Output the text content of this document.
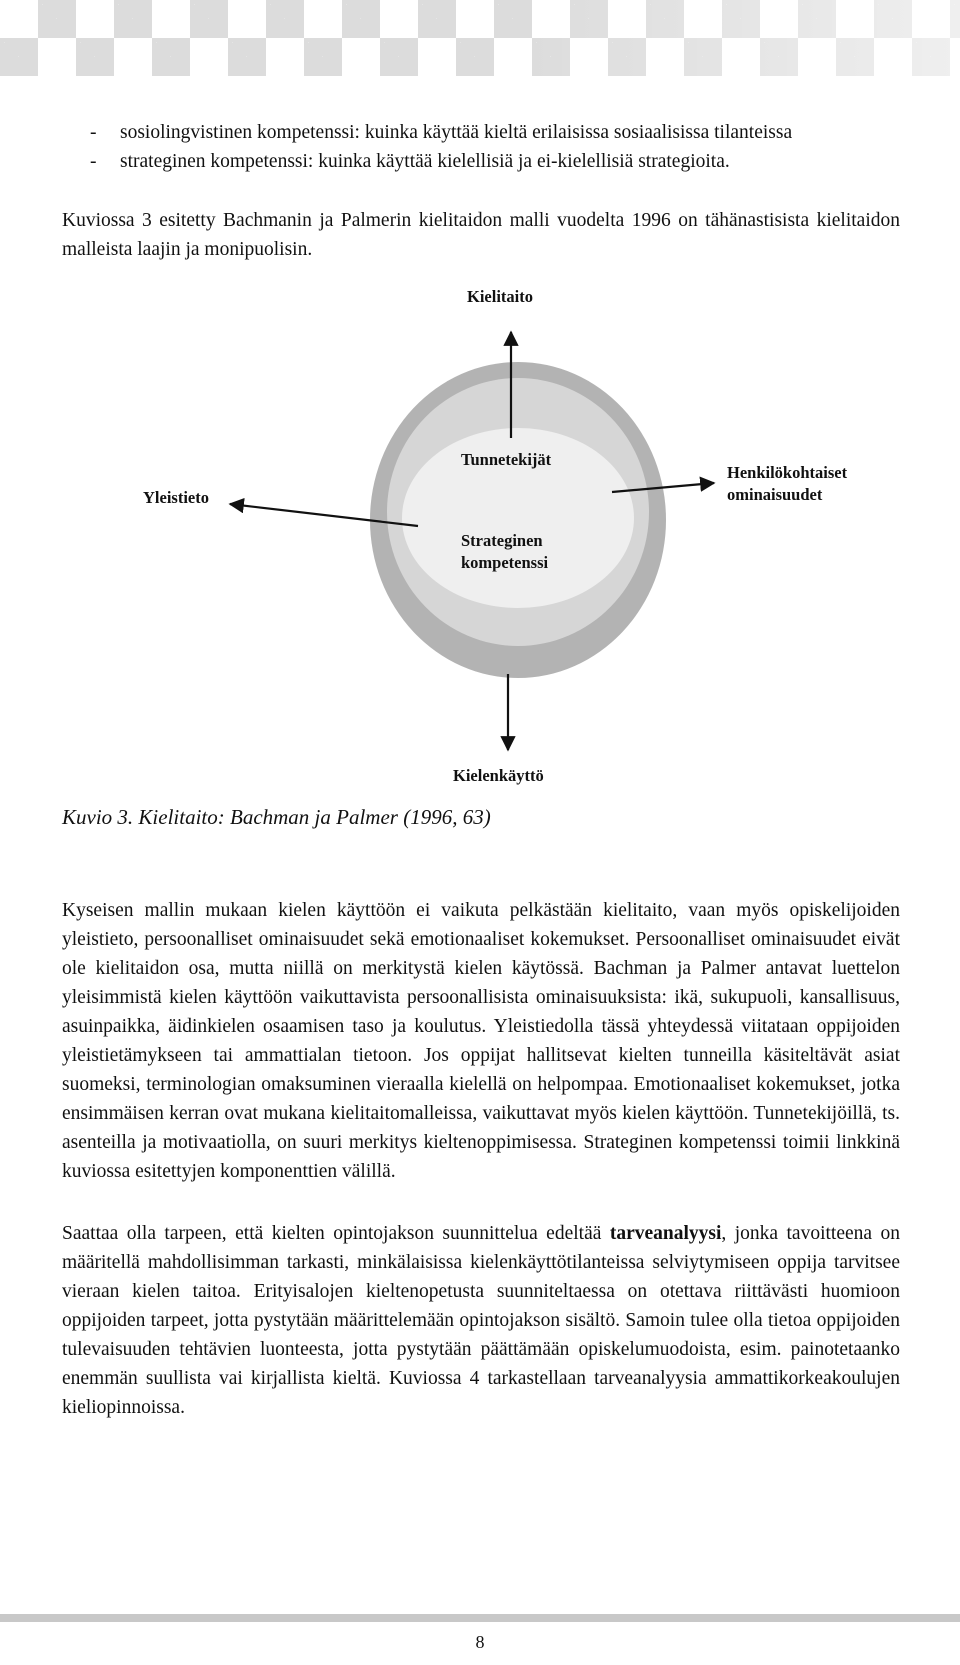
- sosiolingvistinen kompetenssi: kuinka käyttää kieltä erilaisissa sosiaalisissa tilanteissa
- strateginen kompetenssi: kuinka käyttää kielellisiä ja ei-kielellisiä strategioita.

Kuviossa 3 esitetty Bachmanin ja Palmerin kielitaidon malli vuodelta 1996 on tähänastisista kielitaidon malleista laajin ja monipuolisin.

Kielitaito
Yleistieto
Henkilökohtaiset
ominaisuudet
Tunnetekijät
Strateginen
kompetenssi
Kielenkäyttö
Kuvio 3. Kielitaito: Bachman ja Palmer (1996, 63)

Kyseisen mallin mukaan kielen käyttöön ei vaikuta pelkästään kielitaito, vaan myös opiskelijoiden yleistieto, persoonalliset ominaisuudet sekä emotionaaliset kokemukset. Persoonalliset ominaisuudet eivät ole kielitaidon osa, mutta niillä on merkitystä kielen käytössä. Bachman ja Palmer antavat luettelon yleisimmistä kielen käyttöön vaikuttavista persoonallisista ominaisuuksista: ikä, sukupuoli, kansallisuus, asuinpaikka, äidinkielen osaamisen taso ja koulutus. Yleistiedolla tässä yhteydessä viitataan oppijoiden yleistietämykseen tai ammattialan tietoon. Jos oppijat hallitsevat kielten tunneilla käsiteltävät asiat suomeksi, terminologian omaksuminen vieraalla kielellä on helpompaa. Emotionaaliset kokemukset, jotka ensimmäisen kerran ovat mukana kielitaitomalleissa, vaikuttavat myös kielen käyttöön. Tunnetekijöillä, ts. asenteilla ja motivaatiolla, on suuri merkitys kieltenoppimisessa. Strateginen kompetenssi toimii linkkinä kuviossa esitettyjen komponenttien välillä.

Saattaa olla tarpeen, että kielten opintojakson suunnittelua edeltää tarveanalyysi, jonka tavoitteena on määritellä mahdollisimman tarkasti, minkälaisissa kielenkäyttötilanteissa selviytymiseen oppija tarvitsee vieraan kielen taitoa. Erityisalojen kieltenopetusta suunniteltaessa on otettava riittävästi huomioon oppijoiden tarpeet, jotta pystytään määrittelemään opintojakson sisältö. Samoin tulee olla tietoa oppijoiden tulevaisuuden tehtävien luonteesta, jotta pystytään päättämään opiskelumuodoista, esim. painotetaanko enemmän suullista vai kirjallista kieltä. Kuviossa 4 tarkastellaan tarveanalyysia ammattikorkeakoulujen kieliopinnoissa.

8
